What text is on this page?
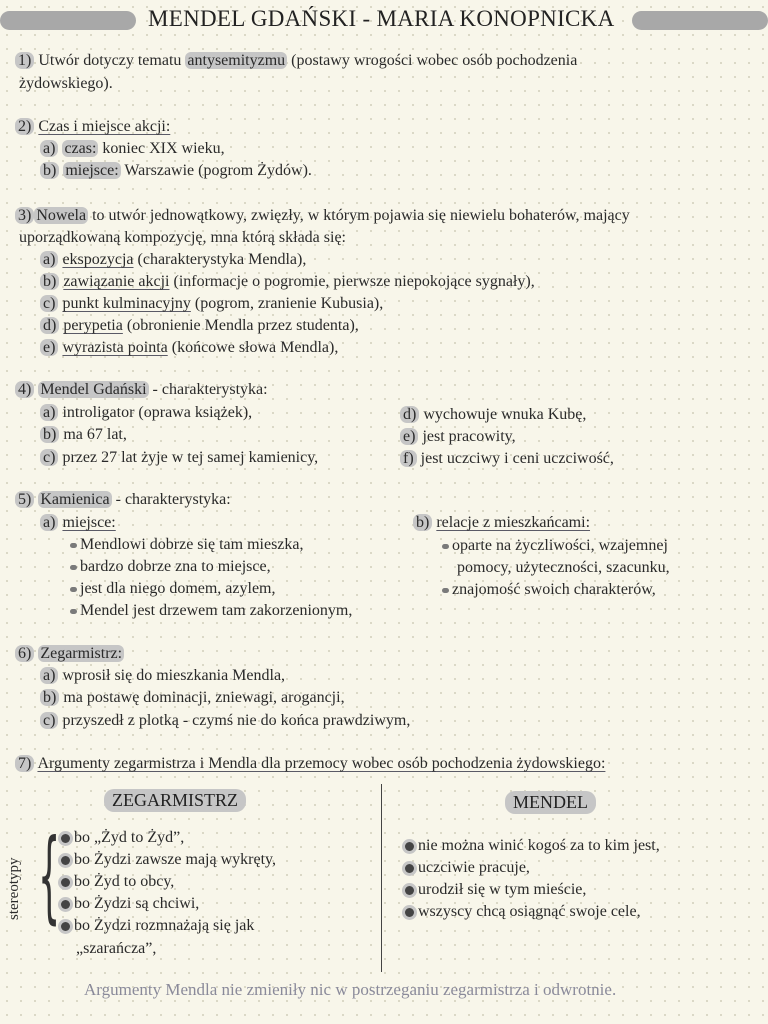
MENDEL GDAŃSKI - MARIA KONOPNICKA
1) Utwór dotyczy tematu antysemityzmu (postawy wrogości wobec osób pochodzenia
żydowskiego).
2) Czas i miejsce akcji:
a) czas: koniec XIX wieku,
b) miejsce: Warszawie (pogrom Żydów).
3) Nowela to utwór jednowątkowy, zwięzły, w którym pojawia się niewielu bohaterów, mający
uporządkowaną kompozycję, mna którą składa się:
a) ekspozycja (charakterystyka Mendla),
b) zawiązanie akcji (informacje o pogromie, pierwsze niepokojące sygnały),
c) punkt kulminacyjny (pogrom, zranienie Kubusia),
d) perypetia (obronienie Mendla przez studenta),
e) wyrazista pointa (końcowe słowa Mendla),
4) Mendel Gdański - charakterystyka:
a) introligator (oprawa książek),
b) ma 67 lat,
c) przez 27 lat żyje w tej samej kamienicy,
d) wychowuje wnuka Kubę,
e) jest pracowity,
f) jest uczciwy i ceni uczciwość,
5) Kamienica - charakterystyka:
a) miejsce:
Mendlowi dobrze się tam mieszka,
bardzo dobrze zna to miejsce,
jest dla niego domem, azylem,
Mendel jest drzewem tam zakorzenionym,
b) relacje z mieszkańcami:
oparte na życzliwości, wzajemnej
pomocy, użyteczności, szacunku,
znajomość swoich charakterów,
6) Zegarmistrz:
a) wprosił się do mieszkania Mendla,
b) ma postawę dominacji, zniewagi, arogancji,
c) przyszedł z plotką - czymś nie do końca prawdziwym,
7) Argumenty zegarmistrza i Mendla dla przemocy wobec osób pochodzenia żydowskiego:
ZEGARMISTRZ	MENDEL
stereotypy { bo „Żyd to Żyd”,
bo Żydzi zawsze mają wykręty,
bo Żyd to obcy,
bo Żydzi są chciwi,
bo Żydzi rozmnażają się jak
„szarańcza”,
nie można winić kogoś za to kim jest,
uczciwie pracuje,
urodził się w tym mieście,
wszyscy chcą osiągnąć swoje cele,
Argumenty Mendla nie zmieniły nic w postrzeganiu zegarmistrza i odwrotnie.
